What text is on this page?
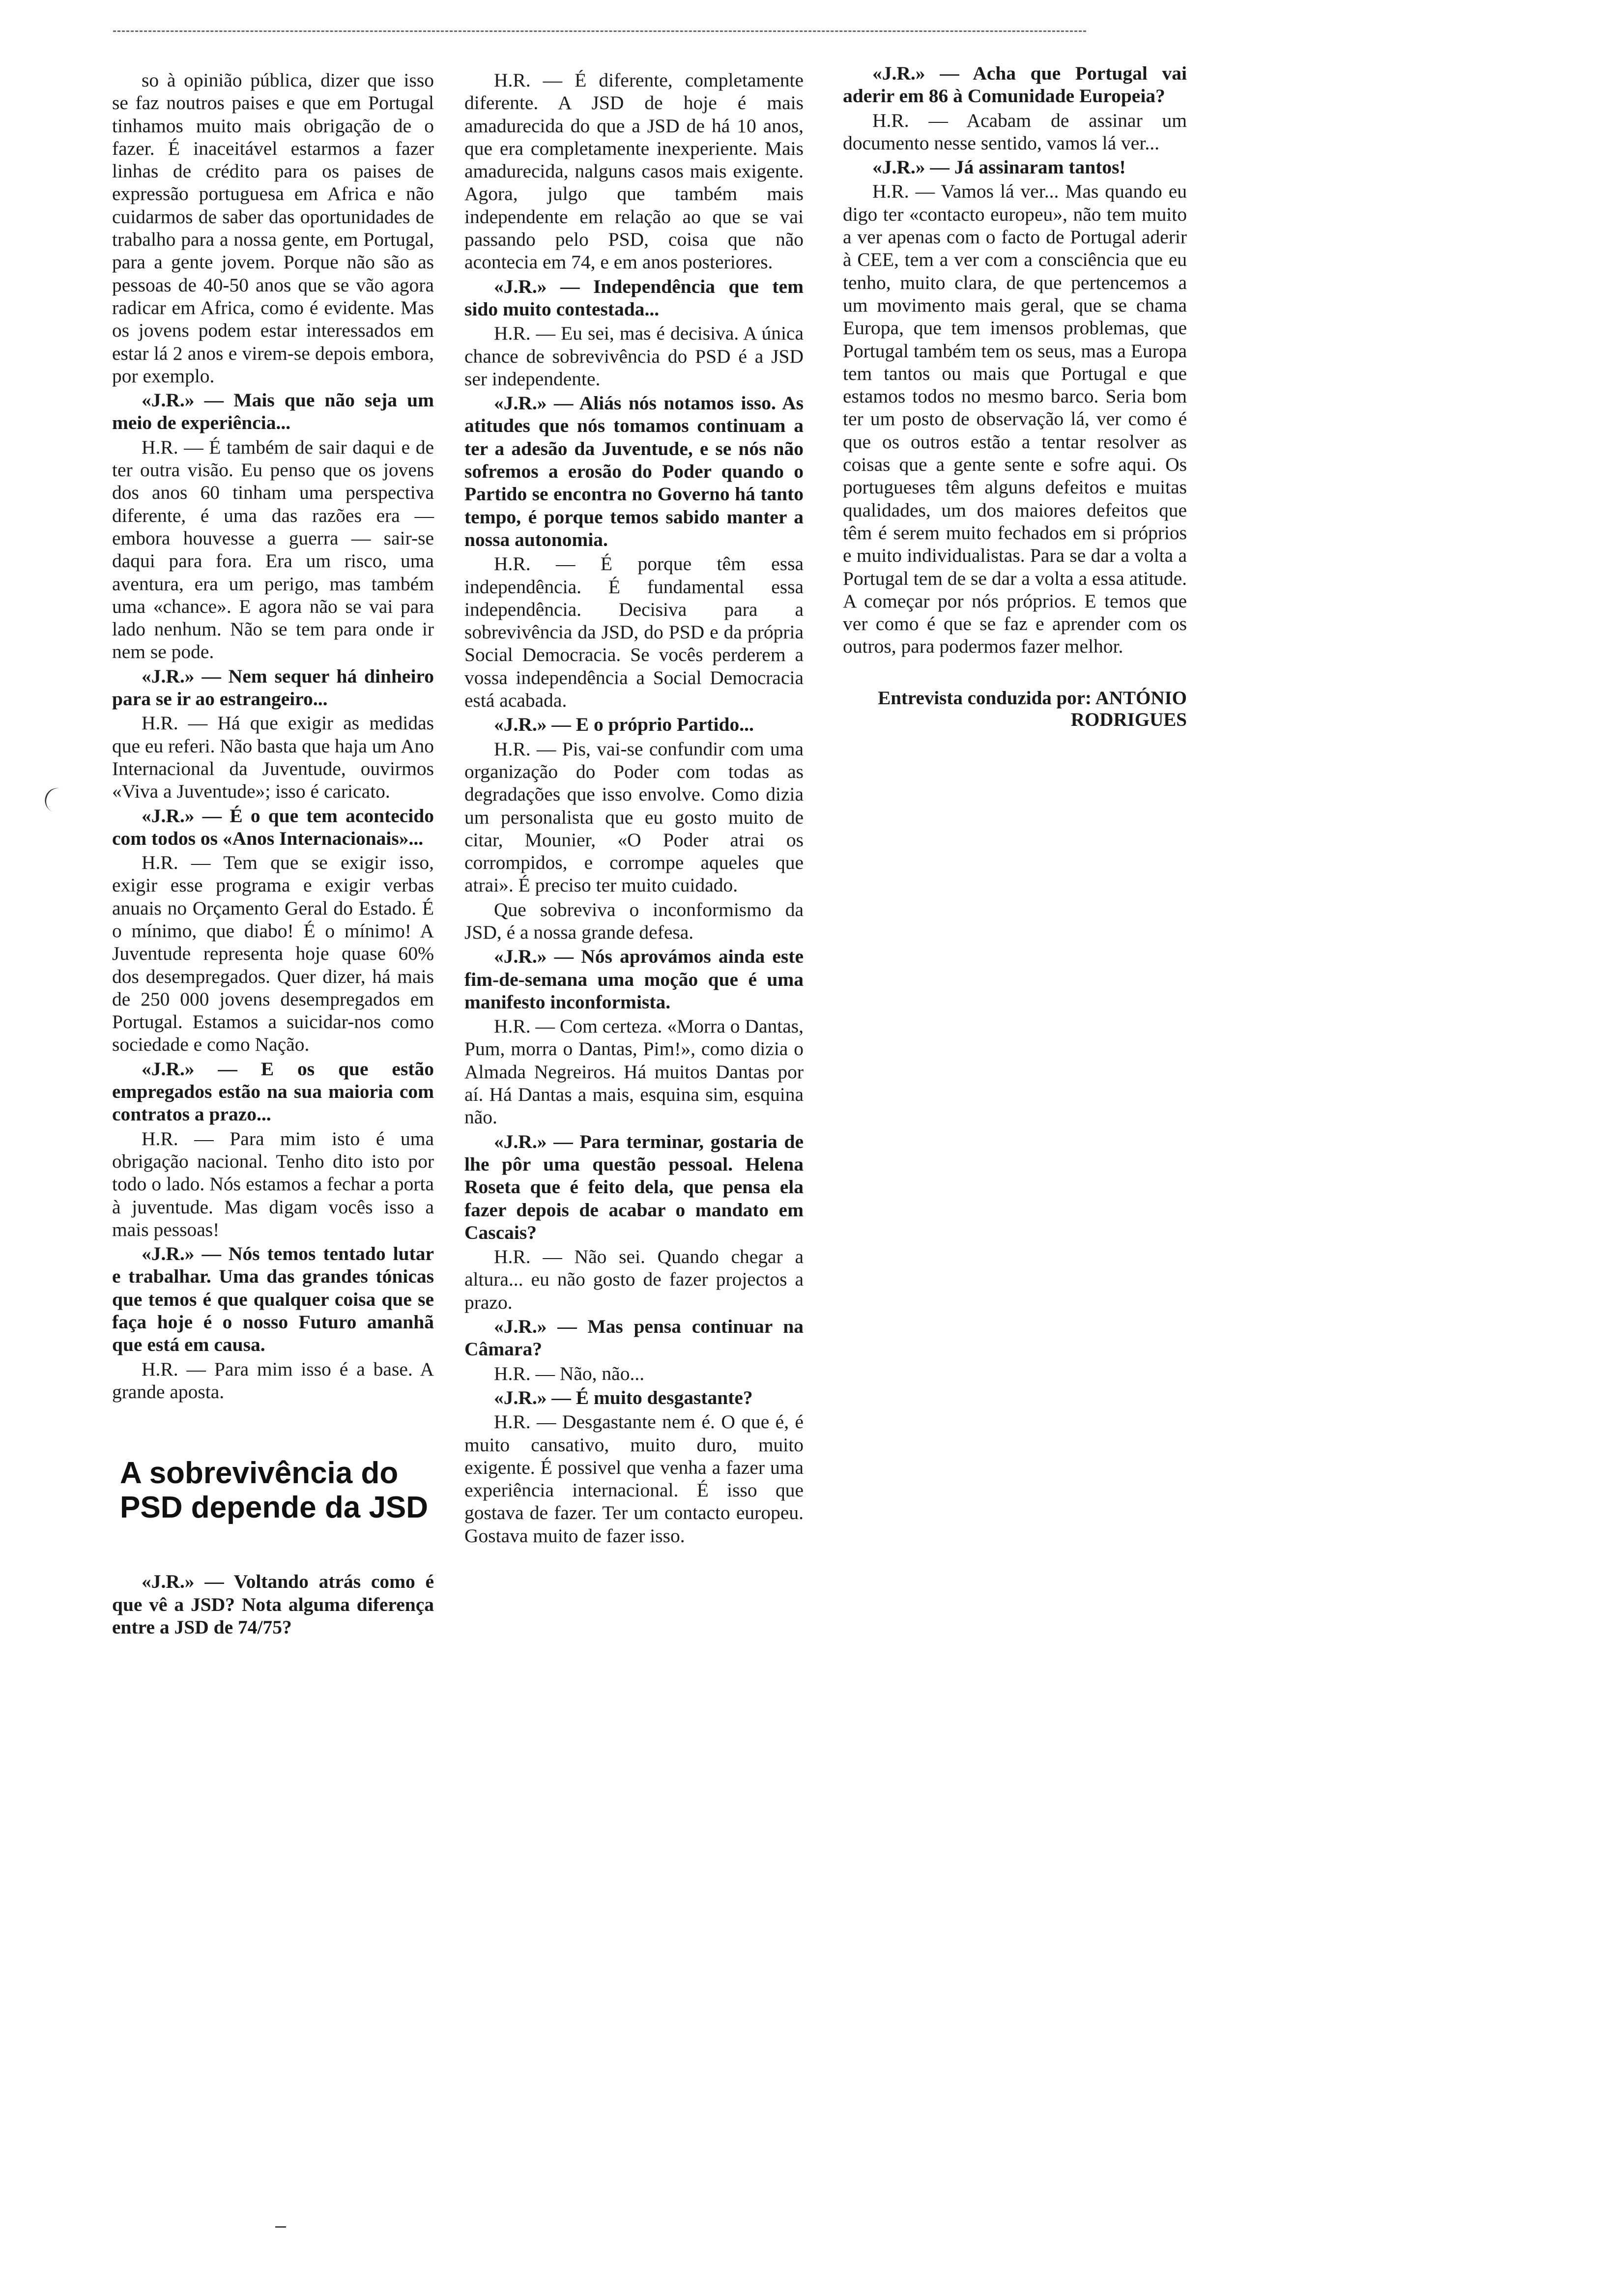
so à opinião pública, dizer que isso se faz noutros paises e que em Portugal tinhamos muito mais obrigação de o fazer. É inaceitável estarmos a fazer linhas de crédito para os paises de expressão portuguesa em Africa e não cuidarmos de saber das oportunidades de trabalho para a nossa gente, em Portugal, para a gente jovem. Porque não são as pessoas de 40-50 anos que se vão agora radicar em Africa, como é evidente. Mas os jovens podem estar interessados em estar lá 2 anos e virem-se depois embora, por exemplo.

«J.R.» — Mais que não seja um meio de experiência...

H.R. — É também de sair daqui e de ter outra visão. Eu penso que os jovens dos anos 60 tinham uma perspectiva diferente, é uma das razões era — embora houvesse a guerra — sair-se daqui para fora. Era um risco, uma aventura, era um perigo, mas também uma «chance». E agora não se vai para lado nenhum. Não se tem para onde ir nem se pode.

«J.R.» — Nem sequer há dinheiro para se ir ao estrangeiro...

H.R. — Há que exigir as medidas que eu referi. Não basta que haja um Ano Internacional da Juventude, ouvirmos «Viva a Juventude»; isso é caricato.

«J.R.» — É o que tem acontecido com todos os «Anos Internacionais»...

H.R. — Tem que se exigir isso, exigir esse programa e exigir verbas anuais no Orçamento Geral do Estado. É o mínimo, que diabo! É o mínimo! A Juventude representa hoje quase 60% dos desempregados. Quer dizer, há mais de 250 000 jovens desempregados em Portugal. Estamos a suicidar-nos como sociedade e como Nação.

«J.R.» — E os que estão empregados estão na sua maioria com contratos a prazo...

H.R. — Para mim isto é uma obrigação nacional. Tenho dito isto por todo o lado. Nós estamos a fechar a porta à juventude. Mas digam vocês isso a mais pessoas!

«J.R.» — Nós temos tentado lutar e trabalhar. Uma das grandes tónicas que temos é que qualquer coisa que se faça hoje é o nosso Futuro amanhã que está em causa.

H.R. — Para mim isso é a base. A grande aposta.

A sobrevivência do PSD depende da JSD

«J.R.» — Voltando atrás como é que vê a JSD? Nota alguma diferença entre a JSD de 74/75?

H.R. — É diferente, completamente diferente. A JSD de hoje é mais amadurecida do que a JSD de há 10 anos, que era completamente inexperiente. Mais amadurecida, nalguns casos mais exigente. Agora, julgo que também mais independente em relação ao que se vai passando pelo PSD, coisa que não acontecia em 74, e em anos posteriores.

«J.R.» — Independência que tem sido muito contestada...

H.R. — Eu sei, mas é decisiva. A única chance de sobrevivência do PSD é a JSD ser independente.

«J.R.» — Aliás nós notamos isso. As atitudes que nós tomamos continuam a ter a adesão da Juventude, e se nós não sofremos a erosão do Poder quando o Partido se encontra no Governo há tanto tempo, é porque temos sabido manter a nossa autonomia.

H.R. — É porque têm essa independência. É fundamental essa independência. Decisiva para a sobrevivência da JSD, do PSD e da própria Social Democracia. Se vocês perderem a vossa independência a Social Democracia está acabada.

«J.R.» — E o próprio Partido...

H.R. — Pis, vai-se confundir com uma organização do Poder com todas as degradações que isso envolve. Como dizia um personalista que eu gosto muito de citar, Mounier, «O Poder atrai os corrompidos, e corrompe aqueles que atrai». É preciso ter muito cuidado.

Que sobreviva o inconformismo da JSD, é a nossa grande defesa.

«J.R.» — Nós aprovámos ainda este fim-de-semana uma moção que é uma manifesto inconformista.

H.R. — Com certeza. «Morra o Dantas, Pum, morra o Dantas, Pim!», como dizia o Almada Negreiros. Há muitos Dantas por aí. Há Dantas a mais, esquina sim, esquina não.

«J.R.» — Para terminar, gostaria de lhe pôr uma questão pessoal. Helena Roseta que é feito dela, que pensa ela fazer depois de acabar o mandato em Cascais?

H.R. — Não sei. Quando chegar a altura... eu não gosto de fazer projectos a prazo.

«J.R.» — Mas pensa continuar na Câmara?

H.R. — Não, não...

«J.R.» — É muito desgastante?

H.R. — Desgastante nem é. O que é, é muito cansativo, muito duro, muito exigente. É possivel que venha a fazer uma experiência internacional. É isso que gostava de fazer. Ter um contacto europeu. Gostava muito de fazer isso.

«J.R.» — Acha que Portugal vai aderir em 86 à Comunidade Europeia?

H.R. — Acabam de assinar um documento nesse sentido, vamos lá ver...

«J.R.» — Já assinaram tantos!

H.R. — Vamos lá ver... Mas quando eu digo ter «contacto europeu», não tem muito a ver apenas com o facto de Portugal aderir à CEE, tem a ver com a consciência que eu tenho, muito clara, de que pertencemos a um movimento mais geral, que se chama Europa, que tem imensos problemas, que Portugal também tem os seus, mas a Europa tem tantos ou mais que Portugal e que estamos todos no mesmo barco. Seria bom ter um posto de observação lá, ver como é que os outros estão a tentar resolver as coisas que a gente sente e sofre aqui. Os portugueses têm alguns defeitos e muitas qualidades, um dos maiores defeitos que têm é serem muito fechados em si próprios e muito individualistas. Para se dar a volta a Portugal tem de se dar a volta a essa atitude. A começar por nós próprios. E temos que ver como é que se faz e aprender com os outros, para podermos fazer melhor.

Entrevista conduzida por: ANTÓNIO RODRIGUES
